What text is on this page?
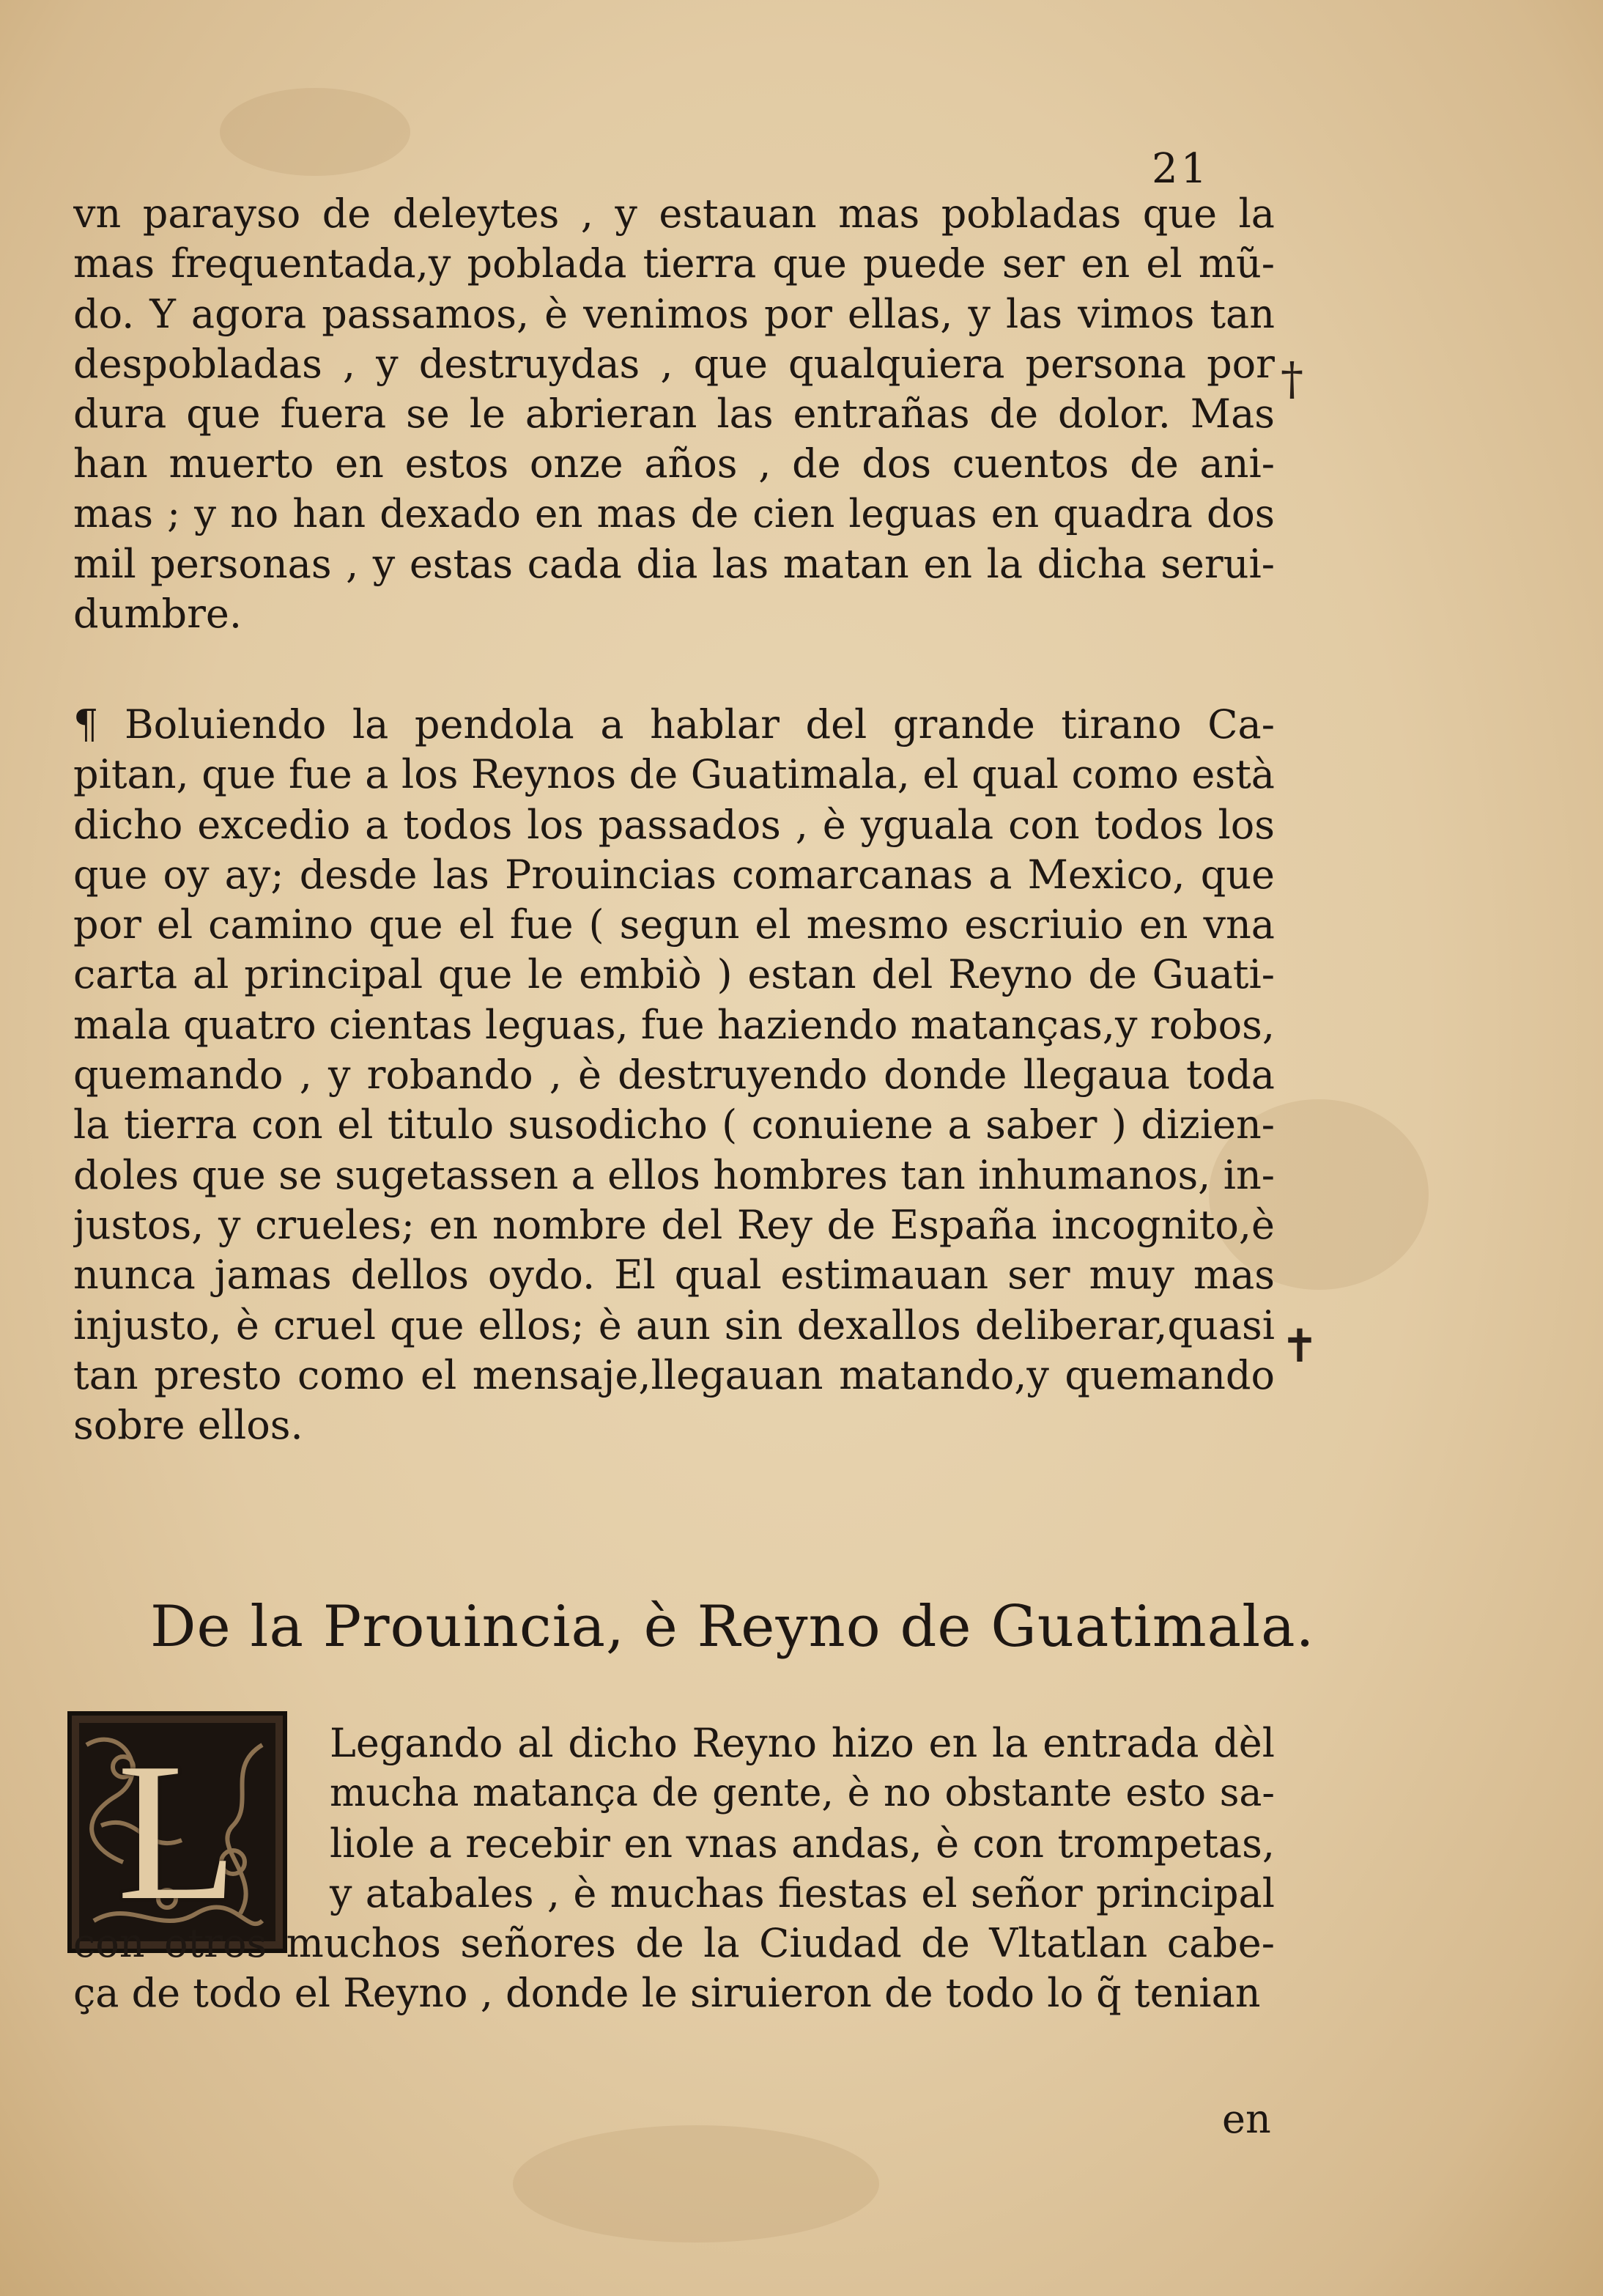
21
vn parayso de deleytes , y estauan mas pobladas que la
mas frequentada,y poblada tierra que puede ser en el mũ-
do. Y agora passamos, è venimos por ellas, y las vimos tan
despobladas , y destruydas , que qualquiera persona por
dura que fuera se le abrieran las entrañas de dolor. Mas
han muerto en estos onze años , de dos cuentos de ani-
mas ; y no han dexado en mas de cien leguas en quadra dos
mil personas , y estas cada dia las matan en la dicha serui-
dumbre.
¶ Boluiendo la pendola a hablar del grande tirano Ca-
pitan, que fue a los Reynos de Guatimala, el qual como està
dicho excedio a todos los passados , è yguala con todos los
que oy ay; desde las Prouincias comarcanas a Mexico, que
por el camino que el fue ( segun el mesmo escriuio en vna
carta al principal que le embiò ) estan del Reyno de Guati-
mala quatro cientas leguas, fue haziendo matanças,y robos,
quemando , y robando , è destruyendo donde llegaua toda
la tierra con el titulo susodicho ( conuiene a saber ) dizien-
doles que se sugetassen a ellos hombres tan inhumanos, in-
justos, y crueles; en nombre del Rey de España incognito,è
nunca jamas dellos oydo. El qual estimauan ser muy mas
injusto, è cruel que ellos; è aun sin dexallos deliberar,quasi
tan presto como el mensaje,llegauan matando,y quemando
sobre ellos.
De la Prouincia, è Reyno de Guatimala.
L	Legando al dicho Reyno hizo en la entrada dèl
mucha matança de gente, è no obstante esto sa-
liole a recebir en vnas andas, è con trompetas,
y atabales , è muchas fiestas el señor principal
con otros muchos señores de la Ciudad de Vltatlan cabe-
ça de todo el Reyno , donde le siruieron de todo lo q̃ tenian
en
†
✝
